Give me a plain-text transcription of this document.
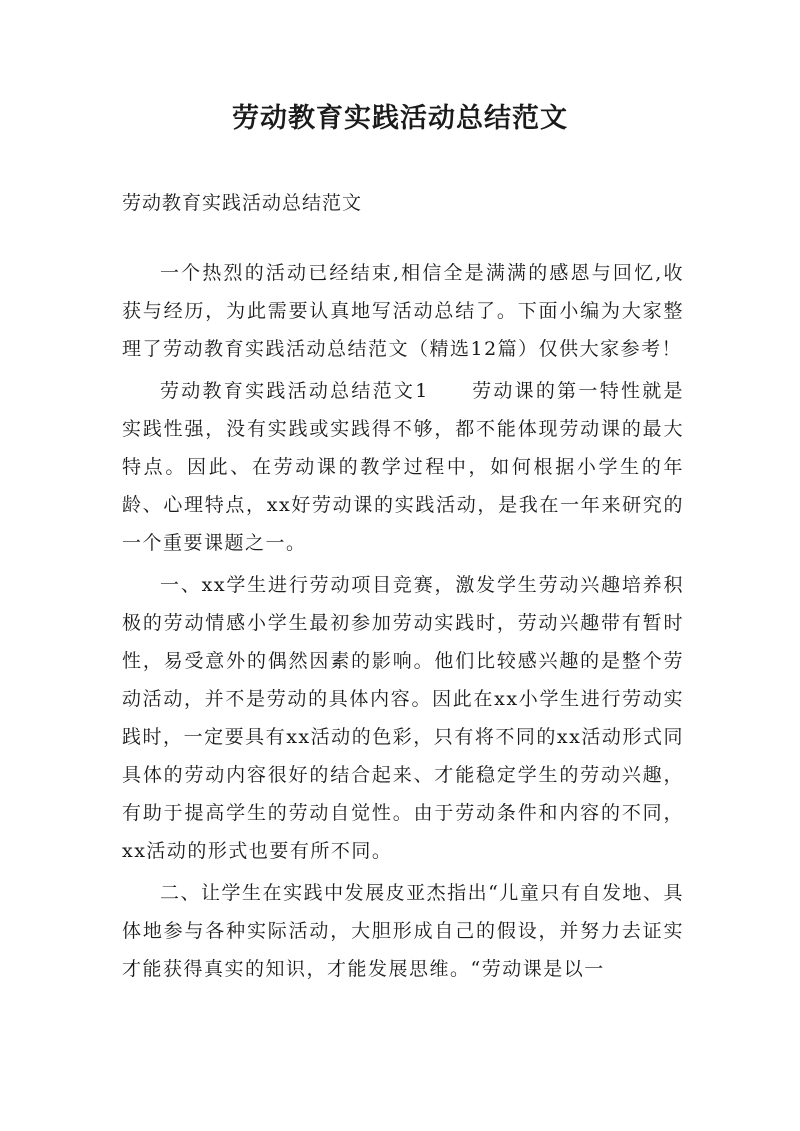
劳动教育实践活动总结范文
劳动教育实践活动总结范文

一个热烈的活动已经结束,相信全是满满的感恩与回忆,收获与经历，为此需要认真地写活动总结了。下面小编为大家整理了劳动教育实践活动总结范文（精选12篇）仅供大家参考！

劳动教育实践活动总结范文1　　劳动课的第一特性就是实践性强，没有实践或实践得不够，都不能体现劳动课的最大特点。因此、在劳动课的教学过程中，如何根据小学生的年龄、心理特点，xx好劳动课的实践活动，是我在一年来研究的一个重要课题之一。

一、xx学生进行劳动项目竞赛，激发学生劳动兴趣培养积极的劳动情感小学生最初参加劳动实践时，劳动兴趣带有暂时性，易受意外的偶然因素的影响。他们比较感兴趣的是整个劳动活动，并不是劳动的具体内容。因此在xx小学生进行劳动实践时，一定要具有xx活动的色彩，只有将不同的xx活动形式同具体的劳动内容很好的结合起来、才能稳定学生的劳动兴趣，有助于提高学生的劳动自觉性。由于劳动条件和内容的不同，xx活动的形式也要有所不同。

二、让学生在实践中发展皮亚杰指出“儿童只有自发地、具体地参与各种实际活动，大胆形成自己的假设，并努力去证实才能获得真实的知识，才能发展思维。“劳动课是以一
